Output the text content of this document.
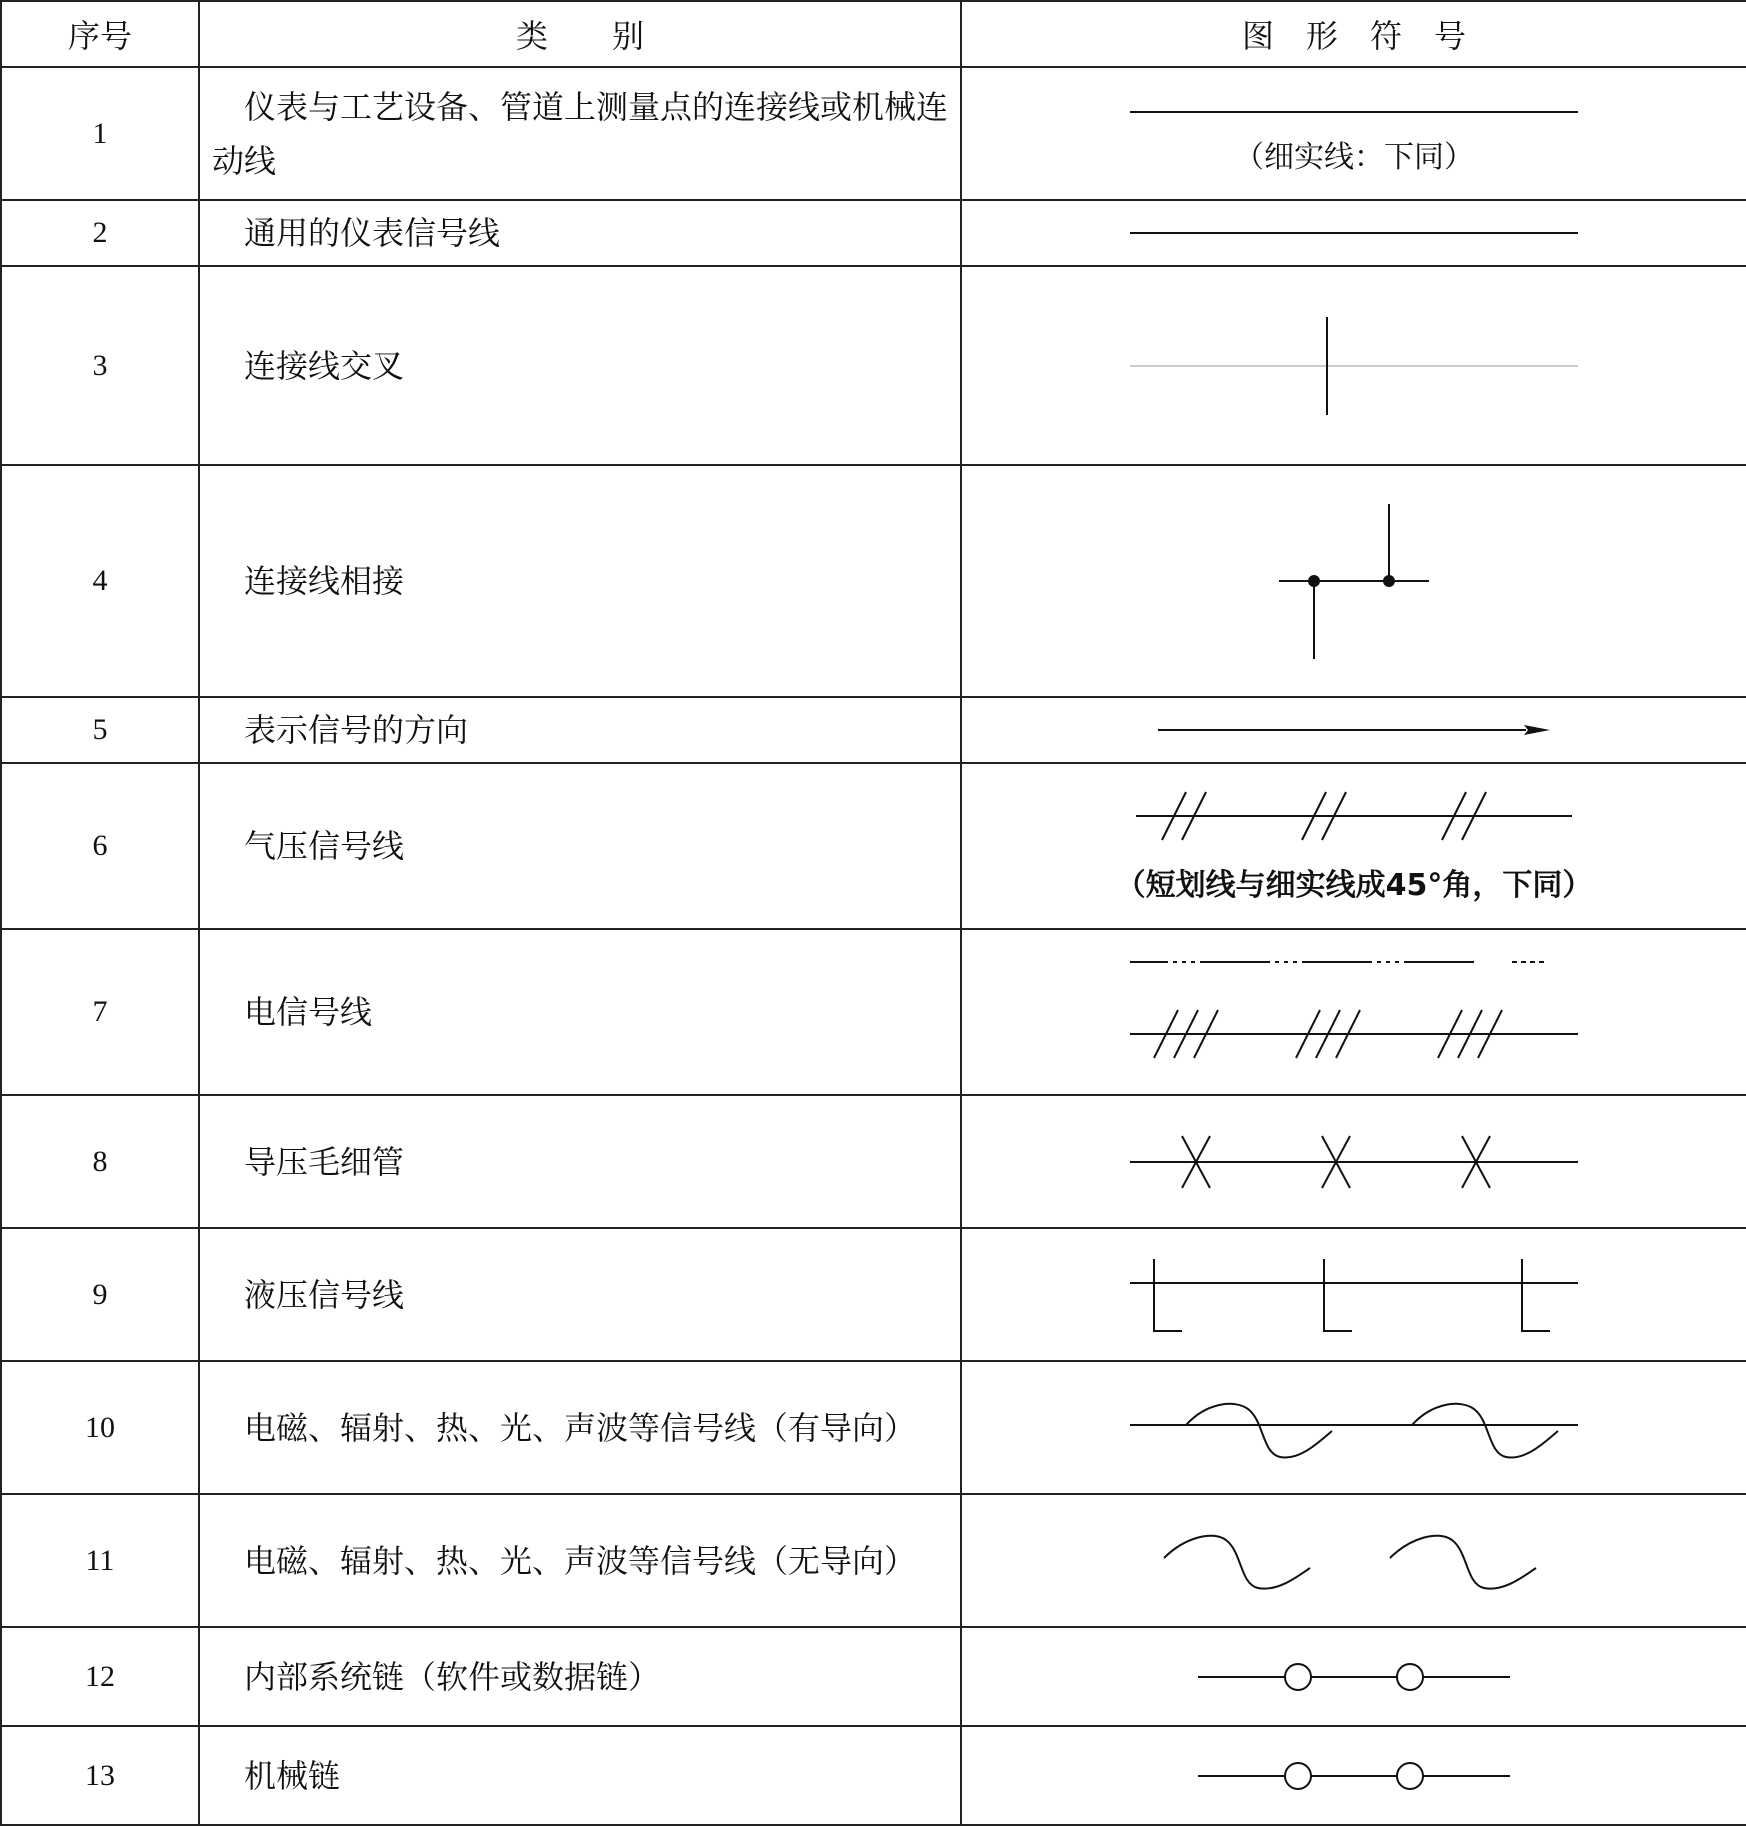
序号	类　　别	图　形　符　号
1	仪表与工艺设备、管道上测量点的连接线或机械连动线	（细实线：下同）

2	通用的仪表信号线	

3	连接线交叉	

4	连接线相接	

5	表示信号的方向	

6	气压信号线	（短划线与细实线成45°角，下同）

7	电信号线	

8	导压毛细管	

9	液压信号线	

10	电磁、辐射、热、光、声波等信号线（有导向）	

11	电磁、辐射、热、光、声波等信号线（无导向）	

12	内部系统链（软件或数据链）	

13	机械链	
